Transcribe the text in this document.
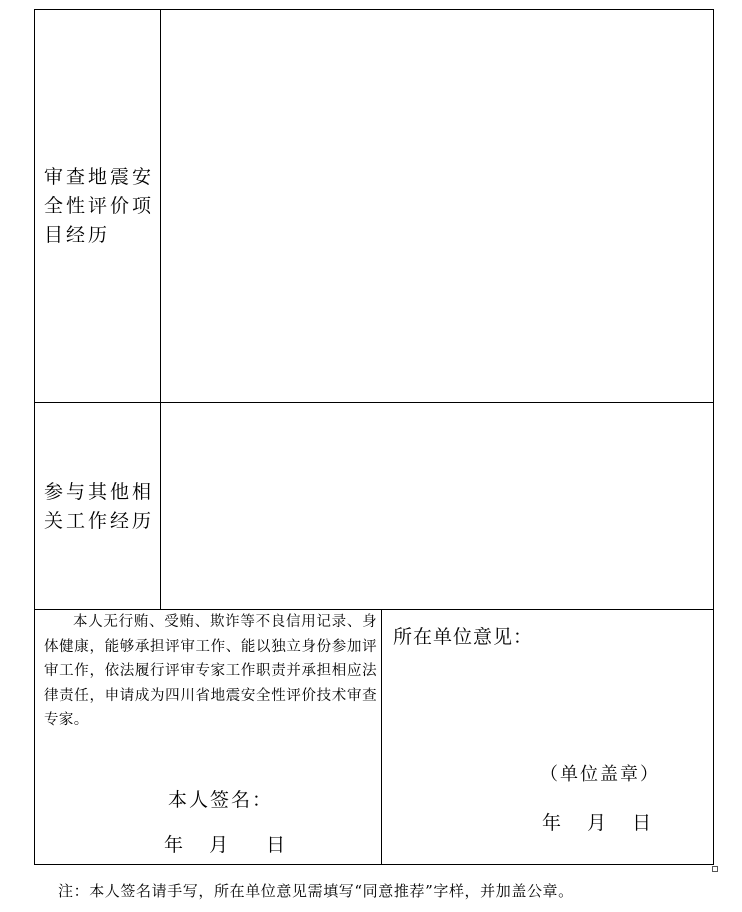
审查地震安全性评价项目经历
参与其他相关工作经历
本人无行贿、受贿、欺诈等不良信用记录、身体健康，能够承担评审工作、能以独立身份参加评审工作，依法履行评审专家工作职责并承担相应法律责任，申请成为四川省地震安全性评价技术审查专家。
本人签名：
年 月 日
所在单位意见：
（单位盖章）
年 月 日
注：本人签名请手写，所在单位意见需填写“同意推荐”字样，并加盖公章。
